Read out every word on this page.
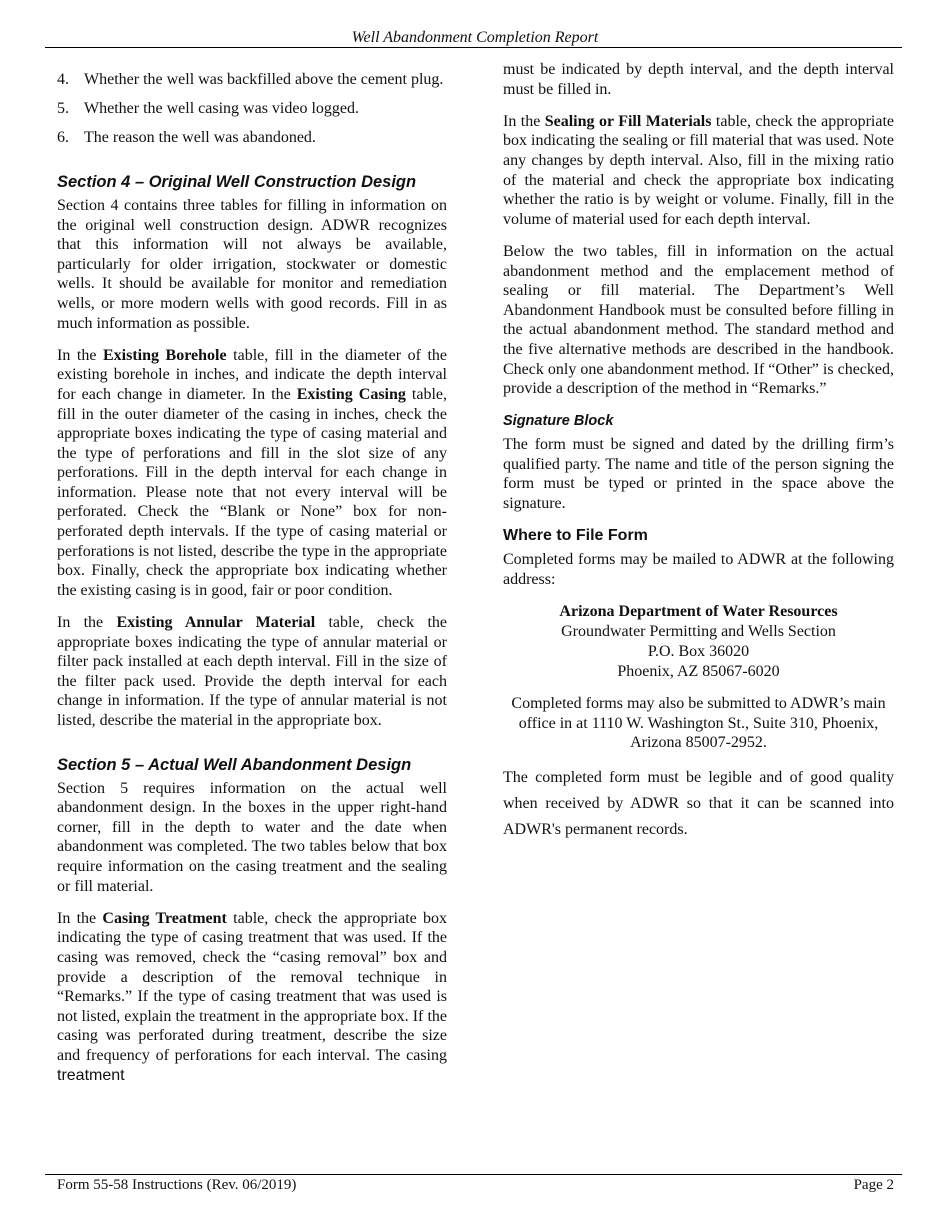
Well Abandonment Completion Report
4. Whether the well was backfilled above the cement plug.
5. Whether the well casing was video logged.
6. The reason the well was abandoned.
Section 4 – Original Well Construction Design

Section 4 contains three tables for filling in information on the original well construction design. ADWR recognizes that this information will not always be available, particularly for older irrigation, stockwater or domestic wells. It should be available for monitor and remediation wells, or more modern wells with good records. Fill in as much information as possible.

In the Existing Borehole table, fill in the diameter of the existing borehole in inches, and indicate the depth interval for each change in diameter. In the Existing Casing table, fill in the outer diameter of the casing in inches, check the appropriate boxes indicating the type of casing material and the type of perforations and fill in the slot size of any perforations. Fill in the depth interval for each change in information. Please note that not every interval will be perforated. Check the “Blank or None” box for non-perforated depth intervals. If the type of casing material or perforations is not listed, describe the type in the appropriate box. Finally, check the appropriate box indicating whether the existing casing is in good, fair or poor condition.

In the Existing Annular Material table, check the appropriate boxes indicating the type of annular material or filter pack installed at each depth interval. Fill in the size of the filter pack used. Provide the depth interval for each change in information. If the type of annular material is not listed, describe the material in the appropriate box.

Section 5 – Actual Well Abandonment Design

Section 5 requires information on the actual well abandonment design. In the boxes in the upper right-hand corner, fill in the depth to water and the date when abandonment was completed. The two tables below that box require information on the casing treatment and the sealing or fill material.

In the Casing Treatment table, check the appropriate box indicating the type of casing treatment that was used. If the casing was removed, check the “casing removal” box and provide a description of the removal technique in “Remarks.” If the type of casing treatment that was used is not listed, explain the treatment in the appropriate box. If the casing was perforated during treatment, describe the size and frequency of perforations for each interval. The casing treatment

must be indicated by depth interval, and the depth interval must be filled in.

In the Sealing or Fill Materials table, check the appropriate box indicating the sealing or fill material that was used. Note any changes by depth interval. Also, fill in the mixing ratio of the material and check the appropriate box indicating whether the ratio is by weight or volume. Finally, fill in the volume of material used for each depth interval.

Below the two tables, fill in information on the actual abandonment method and the emplacement method of sealing or fill material. The Department’s Well Abandonment Handbook must be consulted before filling in the actual abandonment method. The standard method and the five alternative methods are described in the handbook. Check only one abandonment method. If “Other” is checked, provide a description of the method in “Remarks.”

Signature Block

The form must be signed and dated by the drilling firm’s qualified party. The name and title of the person signing the form must be typed or printed in the space above the signature.

Where to File Form

Completed forms may be mailed to ADWR at the following address:

Arizona Department of Water Resources
Groundwater Permitting and Wells Section
P.O. Box 36020
Phoenix, AZ 85067-6020

Completed forms may also be submitted to ADWR’s main office in at 1110 W. Washington St., Suite 310, Phoenix, Arizona 85007-2952.

The completed form must be legible and of good quality when received by ADWR so that it can be scanned into ADWR's permanent records.

Form 55-58 Instructions (Rev. 06/2019)	Page 2
